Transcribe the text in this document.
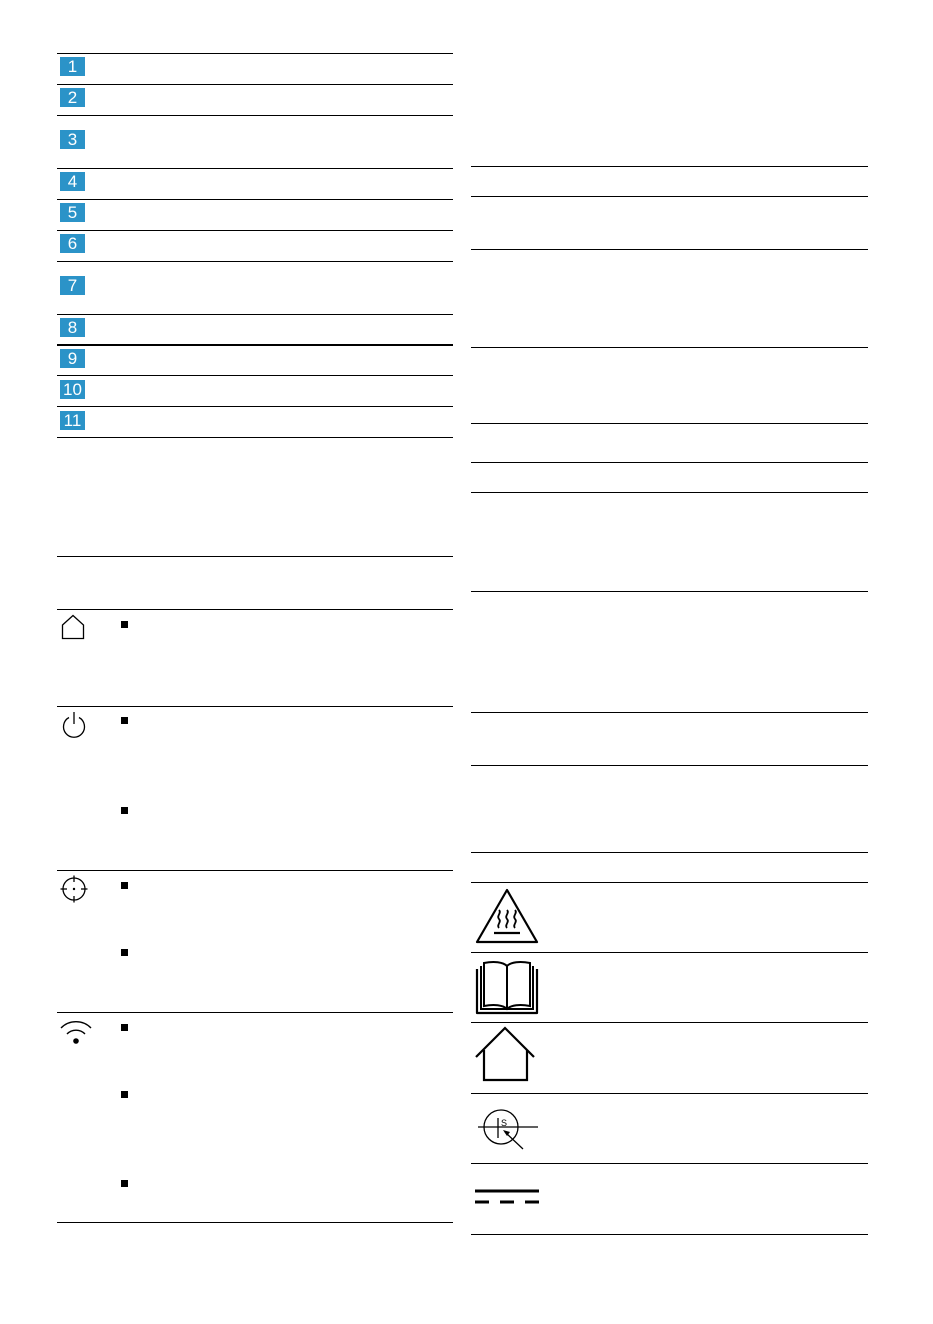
1
2
3
4
5
6
7
8
9
10
11
S
